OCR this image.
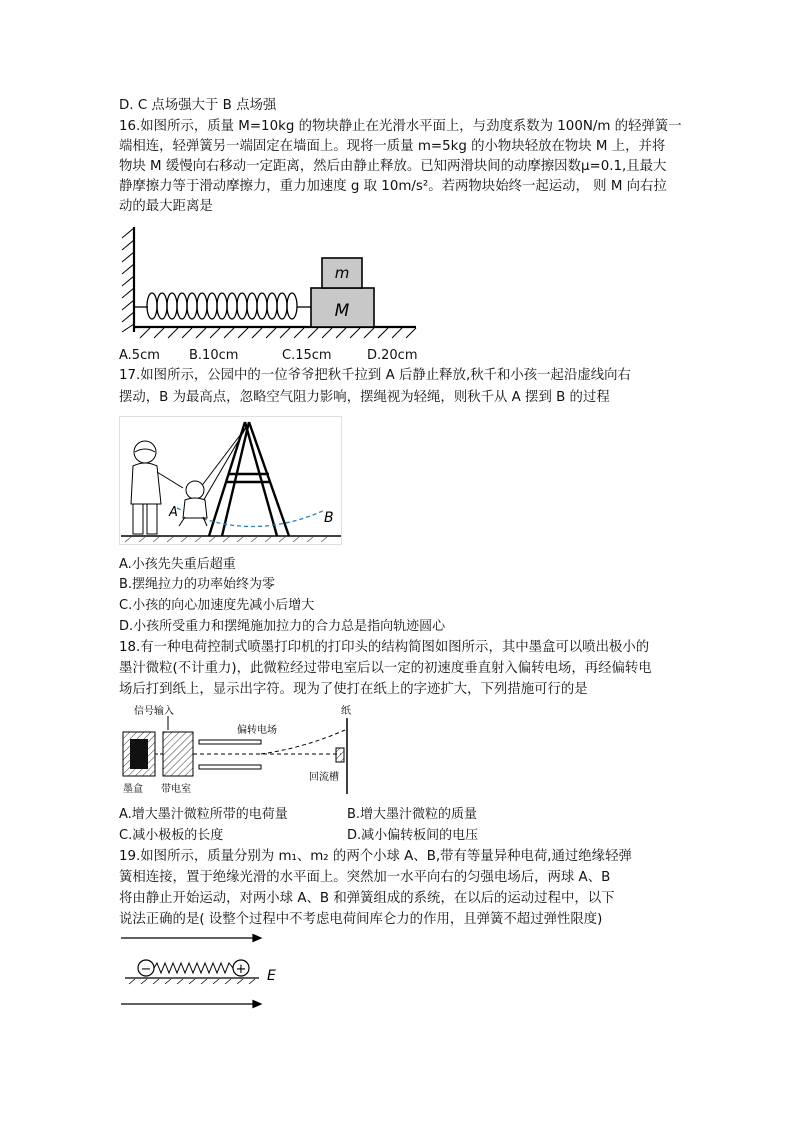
D. C 点场强大于 B 点场强
16.如图所示，质量 M=10kg 的物块静止在光滑水平面上，与劲度系数为 100N/m 的轻弹簧一
端相连，轻弹簧另一端固定在墙面上。现将一质量 m=5kg 的小物块轻放在物块 M 上，并将
物块 M 缓慢向右移动一定距离，然后由静止释放。已知两滑块间的动摩擦因数μ=0.1,且最大
静摩擦力等于滑动摩擦力，重力加速度 g 取 10m/s²。若两物块始终一起运动， 则 M 向右拉
动的最大距离是
m
M
A.5cm B.10cm	C.15cm	D.20cm
17.如图所示，公园中的一位爷爷把秋千拉到 A 后静止释放,秋千和小孩一起沿虚线向右
摆动，B 为最高点，忽略空气阻力影响，摆绳视为轻绳，则秋千从 A 摆到 B 的过程
A	B
A.小孩先失重后超重
B.摆绳拉力的功率始终为零
C.小孩的向心加速度先减小后增大
D.小孩所受重力和摆绳施加拉力的合力总是指向轨迹圆心
18.有一种电荷控制式喷墨打印机的打印头的结构简图如图所示，其中墨盒可以喷出极小的
墨汁微粒(不计重力)，此微粒经过带电室后以一定的初速度垂直射入偏转电场，再经偏转电
场后打到纸上，显示出字符。现为了使打在纸上的字迹扩大，下列措施可行的是
信号输入
偏转电场
纸
回流槽
墨盒 带电室
A.增大墨汁微粒所带的电荷量	B.增大墨汁微粒的质量
C.减小极板的长度	D.减小偏转板间的电压
19.如图所示，质量分别为 m₁、m₂ 的两个小球 A、B,带有等量异种电荷,通过绝缘轻弹
簧相连接，置于绝缘光滑的水平面上。突然加一水平向右的匀强电场后，两球 A、B
将由静止开始运动，对两小球 A、B 和弹簧组成的系统，在以后的运动过程中，以下
说法正确的是( 设整个过程中不考虑电荷间库仑力的作用，且弹簧不超过弹性限度)
−	+ E
